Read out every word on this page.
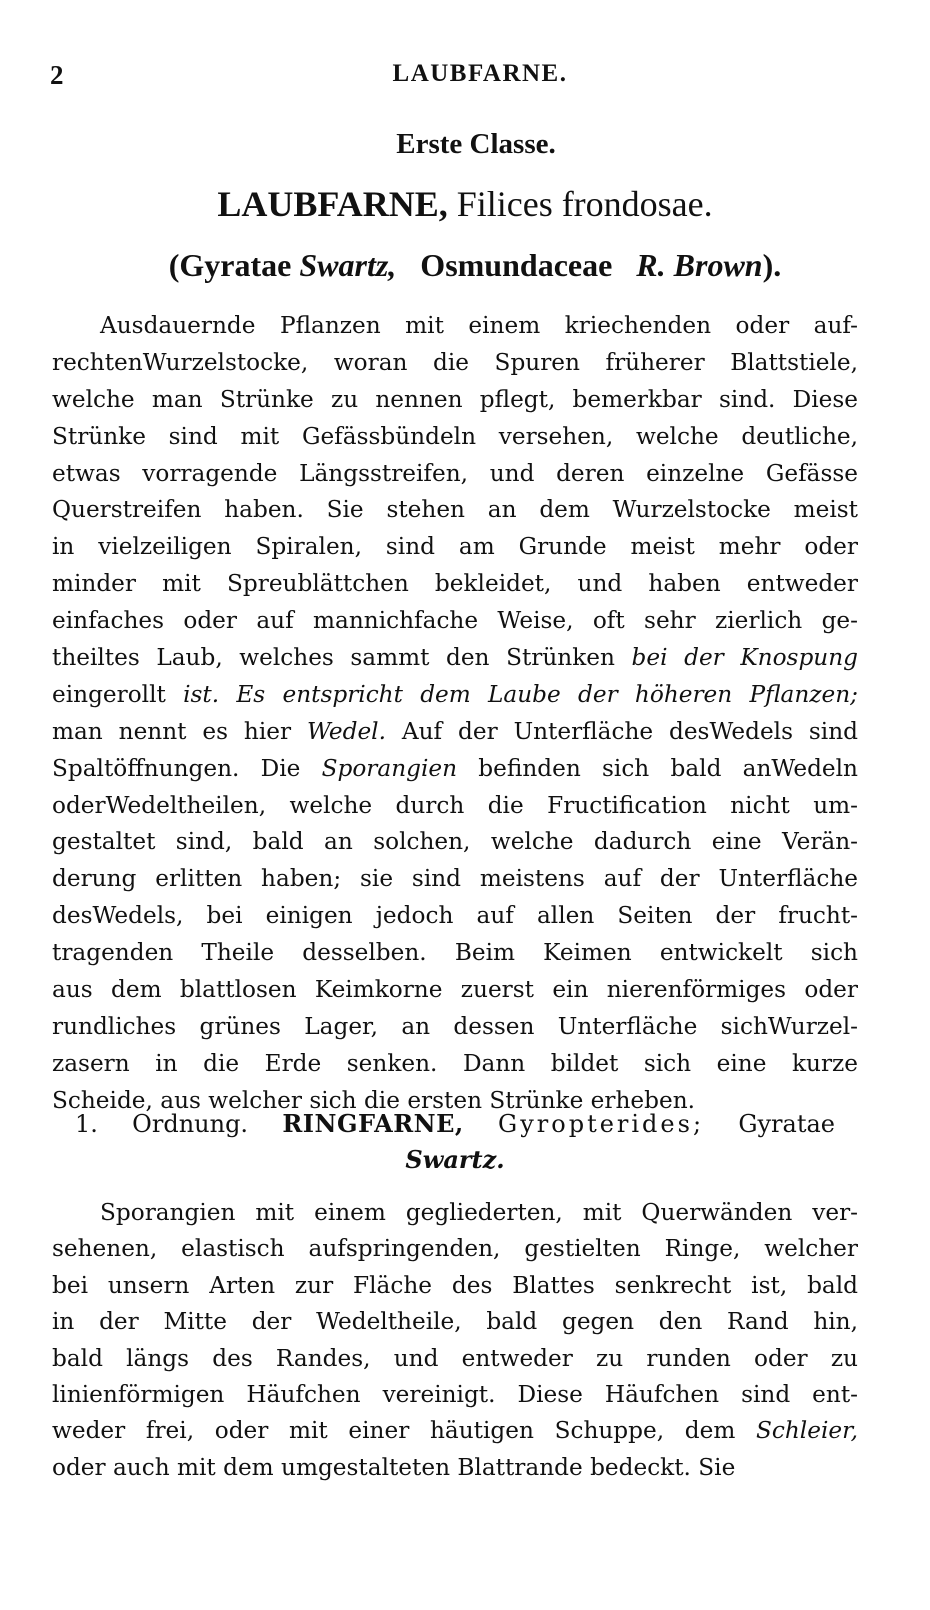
2	LAUBFARNE.
Erste Classe.
LAUBFARNE, Filices frondosae.
(Gyratae Swartz, Osmundaceae R. Brown).
Ausdauernde Pflanzen mit einem kriechenden oder auf-
rechtenWurzelstocke, woran die Spuren früherer Blattstiele,
welche man Strünke zu nennen pflegt, bemerkbar sind. Diese
Strünke sind mit Gefässbündeln versehen, welche deutliche,
etwas vorragende Längsstreifen, und deren einzelne Gefässe
Querstreifen haben. Sie stehen an dem Wurzelstocke meist
in vielzeiligen Spiralen, sind am Grunde meist mehr oder
minder mit Spreublättchen bekleidet, und haben entweder
einfaches oder auf mannichfache Weise, oft sehr zierlich ge-
theiltes Laub, welches sammt den Strünken bei der Knospung
eingerollt ist. Es entspricht dem Laube der höheren Pflanzen;
man nennt es hier Wedel. Auf der Unterfläche desWedels sind
Spaltöffnungen. Die Sporangien befinden sich bald anWedeln
oderWedeltheilen, welche durch die Fructification nicht um-
gestaltet sind, bald an solchen, welche dadurch eine Verän-
derung erlitten haben; sie sind meistens auf der Unterfläche
desWedels, bei einigen jedoch auf allen Seiten der frucht-
tragenden Theile desselben. Beim Keimen entwickelt sich
aus dem blattlosen Keimkorne zuerst ein nierenförmiges oder
rundliches grünes Lager, an dessen Unterfläche sichWurzel-
zasern in die Erde senken. Dann bildet sich eine kurze
Scheide, aus welcher sich die ersten Strünke erheben.
1. Ordnung. RINGFARNE, Gyropterides; Gyratae
Swartz.
Sporangien mit einem gegliederten, mit Querwänden ver-
sehenen, elastisch aufspringenden, gestielten Ringe, welcher
bei unsern Arten zur Fläche des Blattes senkrecht ist, bald
in der Mitte der Wedeltheile, bald gegen den Rand hin,
bald längs des Randes, und entweder zu runden oder zu
linienförmigen Häufchen vereinigt. Diese Häufchen sind ent-
weder frei, oder mit einer häutigen Schuppe, dem Schleier,
oder auch mit dem umgestalteten Blattrande bedeckt. Sie
